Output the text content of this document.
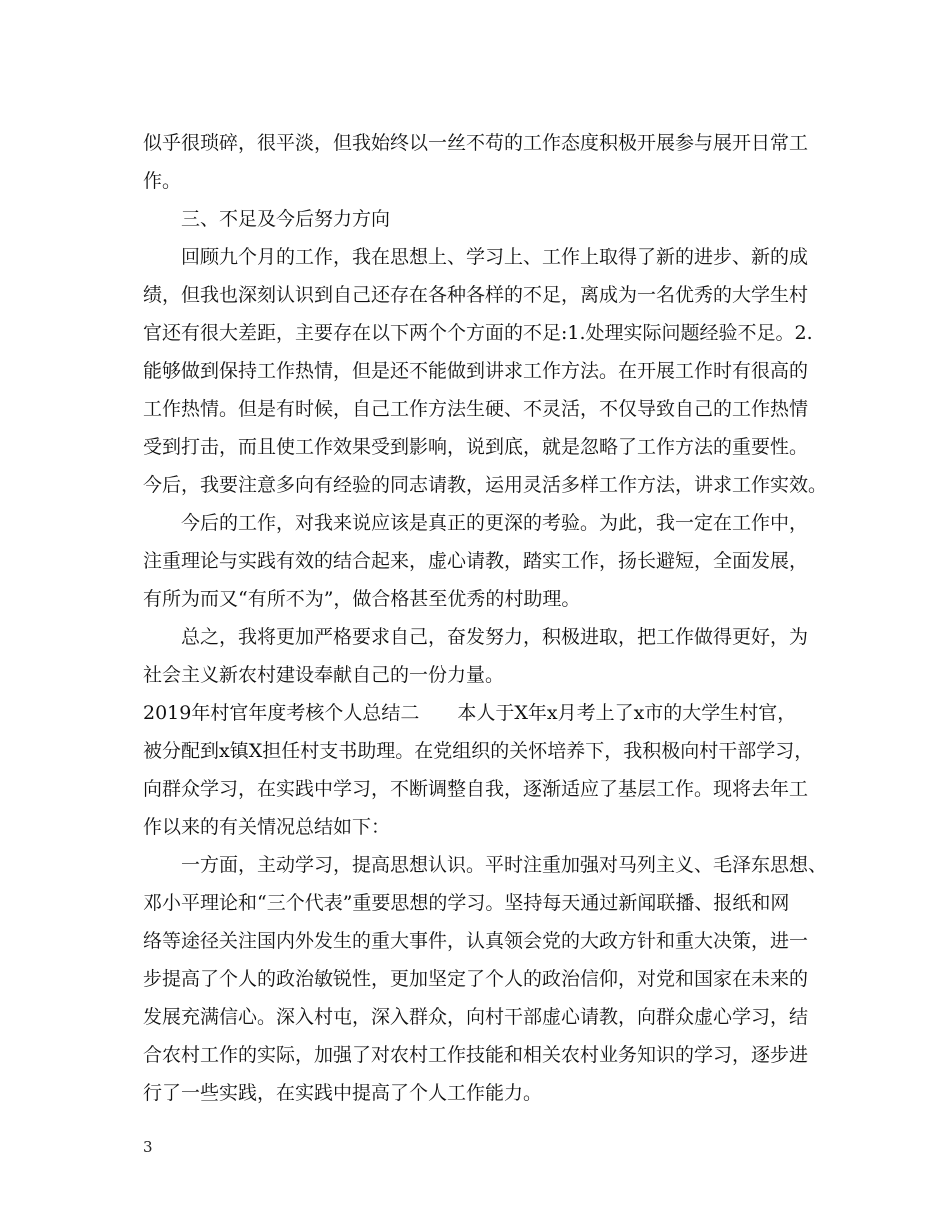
似乎很琐碎，很平淡，但我始终以一丝不苟的工作态度积极开展参与展开日常工
作。
三、不足及今后努力方向
回顾九个月的工作，我在思想上、学习上、工作上取得了新的进步、新的成
绩，但我也深刻认识到自己还存在各种各样的不足，离成为一名优秀的大学生村
官还有很大差距，主要存在以下两个个方面的不足:1.处理实际问题经验不足。2.
能够做到保持工作热情，但是还不能做到讲求工作方法。在开展工作时有很高的
工作热情。但是有时候，自己工作方法生硬、不灵活，不仅导致自己的工作热情
受到打击，而且使工作效果受到影响，说到底，就是忽略了工作方法的重要性。
今后，我要注意多向有经验的同志请教，运用灵活多样工作方法，讲求工作实效。
今后的工作，对我来说应该是真正的更深的考验。为此，我一定在工作中，
注重理论与实践有效的结合起来，虚心请教，踏实工作，扬长避短，全面发展，
有所为而又“有所不为”，做合格甚至优秀的村助理。
总之，我将更加严格要求自己，奋发努力，积极进取，把工作做得更好，为
社会主义新农村建设奉献自己的一份力量。
2019年村官年度考核个人总结二　　本人于X年x月考上了x市的大学生村官，
被分配到x镇X担任村支书助理。在党组织的关怀培养下，我积极向村干部学习，
向群众学习，在实践中学习，不断调整自我，逐渐适应了基层工作。现将去年工
作以来的有关情况总结如下：
一方面，主动学习，提高思想认识。平时注重加强对马列主义、毛泽东思想、
邓小平理论和“三个代表”重要思想的学习。坚持每天通过新闻联播、报纸和网
络等途径关注国内外发生的重大事件，认真领会党的大政方针和重大决策，进一
步提高了个人的政治敏锐性，更加坚定了个人的政治信仰，对党和国家在未来的
发展充满信心。深入村屯，深入群众，向村干部虚心请教，向群众虚心学习，结
合农村工作的实际，加强了对农村工作技能和相关农村业务知识的学习，逐步进
行了一些实践，在实践中提高了个人工作能力。
3
